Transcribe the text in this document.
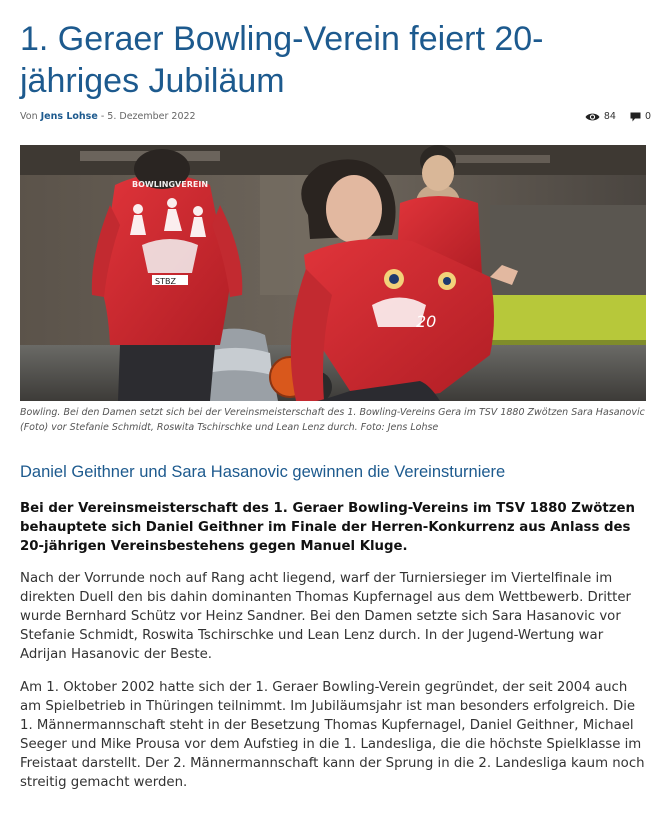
1. Geraer Bowling-Verein feiert 20-jähriges Jubiläum
Von Jens Lohse - 5. Dezember 2022	84	0
BOWLINGVEREIN
STBZ
20
Bowling. Bei den Damen setzt sich bei der Vereinsmeisterschaft des 1. Bowling-Vereins Gera im TSV 1880 Zwötzen Sara Hasanovic (Foto) vor Stefanie Schmidt, Roswita Tschirschke und Lean Lenz durch. Foto: Jens Lohse
Daniel Geithner und Sara Hasanovic gewinnen die Vereinsturniere

Bei der Vereinsmeisterschaft des 1. Geraer Bowling-Vereins im TSV 1880 Zwötzen behauptete sich Daniel Geithner im Finale der Herren-Konkurrenz aus Anlass des 20-jährigen Vereinsbestehens gegen Manuel Kluge.

Nach der Vorrunde noch auf Rang acht liegend, warf der Turniersieger im Viertelfinale im direkten Duell den bis dahin dominanten Thomas Kupfernagel aus dem Wettbewerb. Dritter wurde Bernhard Schütz vor Heinz Sandner. Bei den Damen setzte sich Sara Hasanovic vor Stefanie Schmidt, Roswita Tschirschke und Lean Lenz durch. In der Jugend-Wertung war Adrijan Hasanovic der Beste.

Am 1. Oktober 2002 hatte sich der 1. Geraer Bowling-Verein gegründet, der seit 2004 auch am Spielbetrieb in Thüringen teilnimmt. Im Jubiläumsjahr ist man besonders erfolgreich. Die 1. Männermannschaft steht in der Besetzung Thomas Kupfernagel, Daniel Geithner, Michael Seeger und Mike Prousa vor dem Aufstieg in die 1. Landesliga, die die höchste Spielklasse im Freistaat darstellt. Der 2. Männermannschaft kann der Sprung in die 2. Landesliga kaum noch streitig gemacht werden.
